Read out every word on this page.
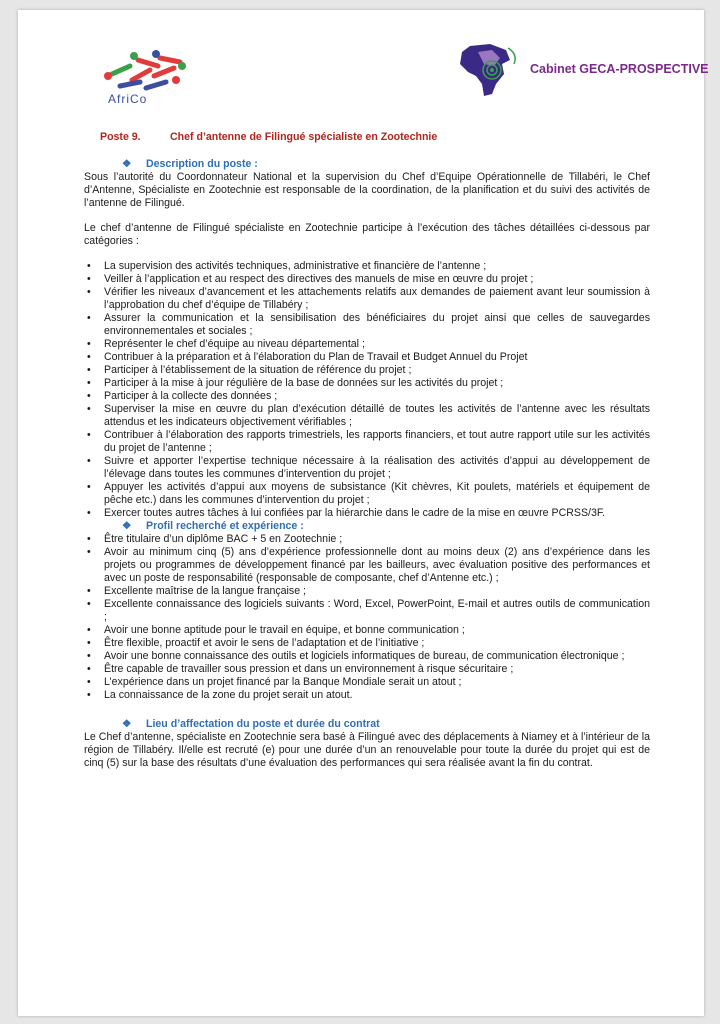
AfriCo
Cabinet GECA-PROSPECTIVE
Poste 9.	Chef d’antenne de Filingué spécialiste en Zootechnie
❖ Description du poste :

Sous l’autorité du Coordonnateur National et la supervision du Chef d’Equipe Opérationnelle de Tillabéri, le Chef d’Antenne, Spécialiste en Zootechnie est responsable de la coordination, de la planification et du suivi des activités de l’antenne de Filingué.

Le chef d’antenne de Filingué spécialiste en Zootechnie participe à l’exécution des tâches détaillées ci-dessous par catégories :

• La supervision des activités techniques, administrative et financière de l’antenne ;
• Veiller à l’application et au respect des directives des manuels de mise en œuvre du projet ;
• Vérifier les niveaux d’avancement et les attachements relatifs aux demandes de paiement avant leur soumission à l’approbation du chef d’équipe de Tillabéry ;
• Assurer la communication et la sensibilisation des bénéficiaires du projet ainsi que celles de sauvegardes environnementales et sociales ;
• Représenter le chef d’équipe au niveau départemental ;
• Contribuer à la préparation et à l’élaboration du Plan de Travail et Budget Annuel du Projet
• Participer à l’établissement de la situation de référence du projet ;
• Participer à la mise à jour régulière de la base de données sur les activités du projet ;
• Participer à la collecte des données ;
• Superviser la mise en œuvre du plan d’exécution détaillé de toutes les activités de l’antenne avec les résultats attendus et les indicateurs objectivement vérifiables ;
• Contribuer à l’élaboration des rapports trimestriels, les rapports financiers, et tout autre rapport utile sur les activités du projet de l’antenne ;
• Suivre et apporter l’expertise technique nécessaire à la réalisation des activités d’appui au développement de l’élevage dans toutes les communes d’intervention du projet ;
• Appuyer les activités d’appui aux moyens de subsistance (Kit chèvres, Kit poulets, matériels et équipement de pêche etc.) dans les communes d’intervention du projet ;
• Exercer toutes autres tâches à lui confiées par la hiérarchie dans le cadre de la mise en œuvre PCRSS/3F.
❖ Profil recherché et expérience :
• Être titulaire d’un diplôme BAC + 5 en Zootechnie ;
• Avoir au minimum cinq (5) ans d’expérience professionnelle dont au moins deux (2) ans d’expérience dans les projets ou programmes de développement financé par les bailleurs, avec évaluation positive des performances et avec un poste de responsabilité (responsable de composante, chef d’Antenne etc.) ;
• Excellente maîtrise de la langue française ;
• Excellente connaissance des logiciels suivants : Word, Excel, PowerPoint, E-mail et autres outils de communication ;
• Avoir une bonne aptitude pour le travail en équipe, et bonne communication ;
• Être flexible, proactif et avoir le sens de l’adaptation et de l’initiative ;
• Avoir une bonne connaissance des outils et logiciels informatiques de bureau, de communication électronique ;
• Être capable de travailler sous pression et dans un environnement à risque sécuritaire ;
• L’expérience dans un projet financé par la Banque Mondiale serait un atout ;
• La connaissance de la zone du projet serait un atout.
❖ Lieu d’affectation du poste et durée du contrat

Le Chef d’antenne, spécialiste en Zootechnie sera basé à Filingué avec des déplacements à Niamey et à l’intérieur de la région de Tillabéry. Il/elle est recruté (e) pour une durée d’un an renouvelable pour toute la durée du projet qui est de cinq (5) sur la base des résultats d’une évaluation des performances qui sera réalisée avant la fin du contrat.
